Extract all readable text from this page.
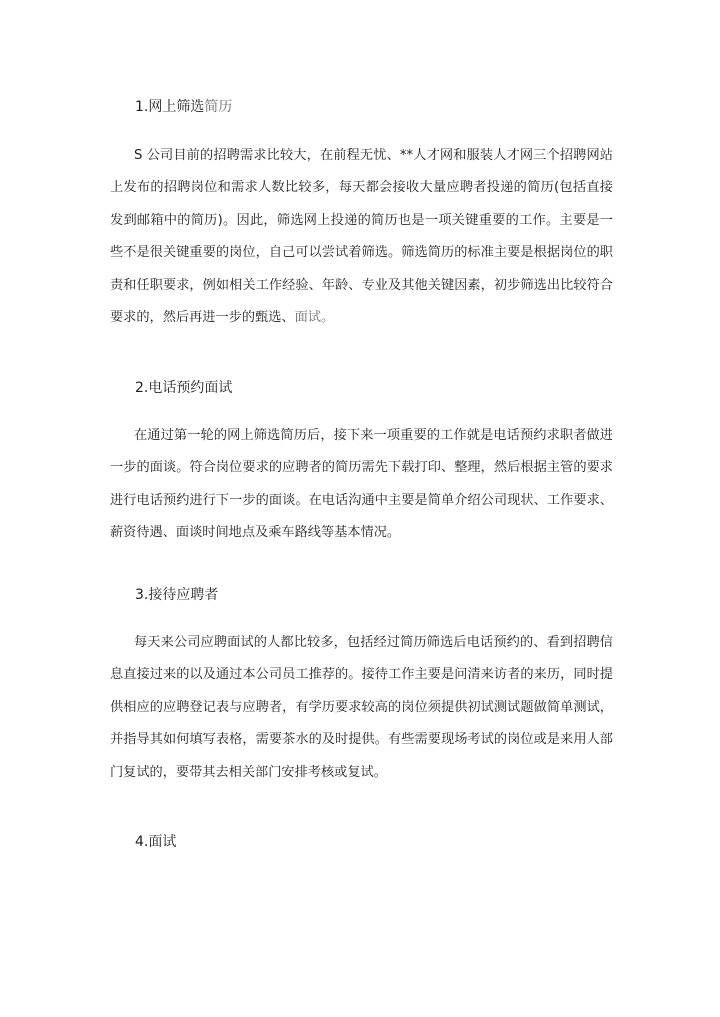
1.网上筛选简历
S 公司目前的招聘需求比较大，在前程无忧、**人才网和服装人才网三个招聘网站上发布的招聘岗位和需求人数比较多，每天都会接收大量应聘者投递的简历(包括直接发到邮箱中的简历)。因此，筛选网上投递的简历也是一项关键重要的工作。主要是一些不是很关键重要的岗位，自己可以尝试着筛选。筛选简历的标准主要是根据岗位的职责和任职要求，例如相关工作经验、年龄、专业及其他关键因素，初步筛选出比较符合要求的，然后再进一步的甄选、面试。
2.电话预约面试
在通过第一轮的网上筛选简历后，接下来一项重要的工作就是电话预约求职者做进一步的面谈。符合岗位要求的应聘者的简历需先下载打印、整理，然后根据主管的要求进行电话预约进行下一步的面谈。在电话沟通中主要是简单介绍公司现状、工作要求、薪资待遇、面谈时间地点及乘车路线等基本情况。
3.接待应聘者
每天来公司应聘面试的人都比较多，包括经过简历筛选后电话预约的、看到招聘信息直接过来的以及通过本公司员工推荐的。接待工作主要是问清来访者的来历，同时提供相应的应聘登记表与应聘者，有学历要求较高的岗位须提供初试测试题做简单测试，并指导其如何填写表格，需要茶水的及时提供。有些需要现场考试的岗位或是来用人部门复试的，要带其去相关部门安排考核或复试。
4.面试
